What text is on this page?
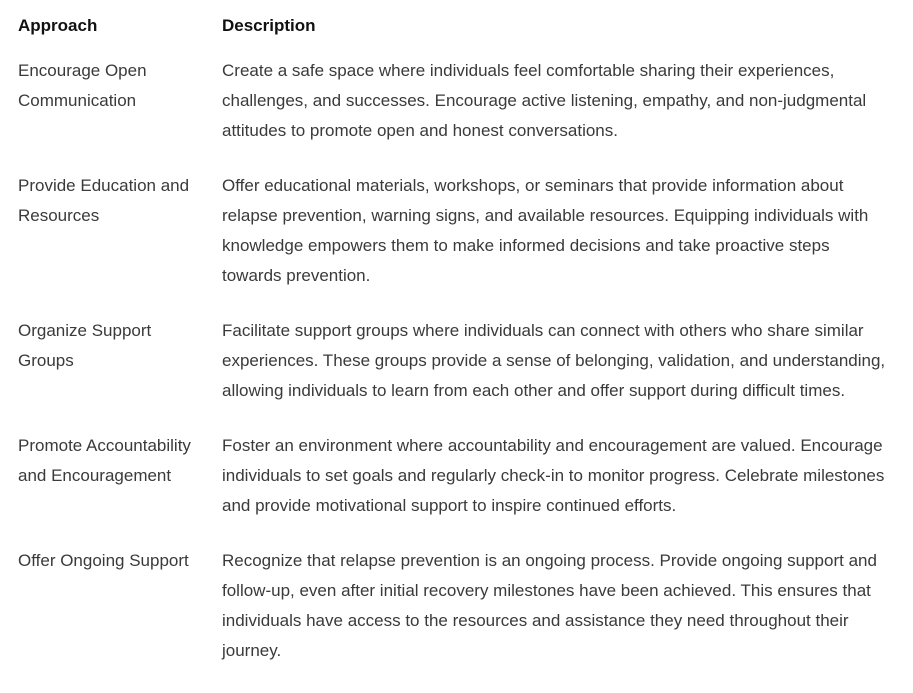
Approach	Description
Encourage Open Communication	Create a safe space where individuals feel comfortable sharing their experiences, challenges, and successes. Encourage active listening, empathy, and non-judgmental attitudes to promote open and honest conversations.
Provide Education and Resources	Offer educational materials, workshops, or seminars that provide information about relapse prevention, warning signs, and available resources. Equipping individuals with knowledge empowers them to make informed decisions and take proactive steps towards prevention.
Organize Support Groups	Facilitate support groups where individuals can connect with others who share similar experiences. These groups provide a sense of belonging, validation, and understanding, allowing individuals to learn from each other and offer support during difficult times.
Promote Accountability and Encouragement	Foster an environment where accountability and encouragement are valued. Encourage individuals to set goals and regularly check-in to monitor progress. Celebrate milestones and provide motivational support to inspire continued efforts.
Offer Ongoing Support	Recognize that relapse prevention is an ongoing process. Provide ongoing support and follow-up, even after initial recovery milestones have been achieved. This ensures that individuals have access to the resources and assistance they need throughout their journey.
